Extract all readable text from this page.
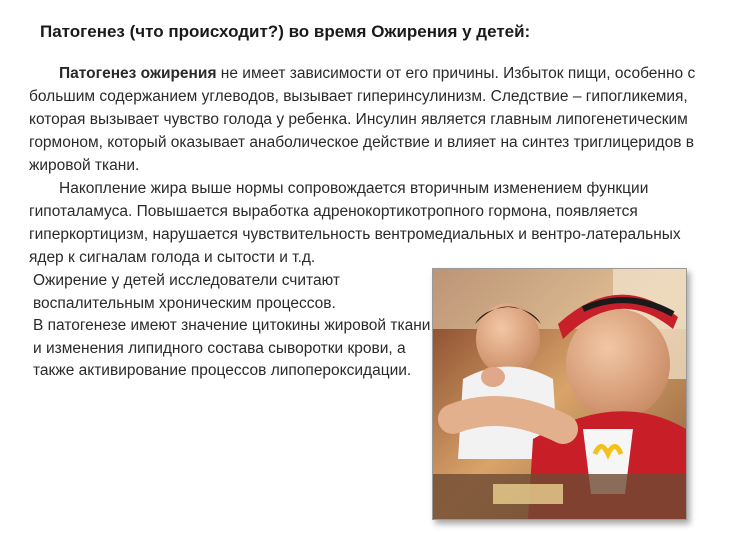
Патогенез (что происходит?) во время Ожирения у детей:

Патогенез ожирения не имеет зависимости от его причины. Избыток пищи, особенно с большим содержанием углеводов, вызывает гиперинсулинизм. Следствие – гипогликемия, которая вызывает чувство голода у ребенка. Инсулин является главным липогенетическим гормоном, который оказывает анаболическое действие и влияет на синтез триглицеридов в жировой ткани.

Накопление жира выше нормы сопровождается вторичным изменением функции гипоталамуса. Повышается выработка адренокортикотропного гормона, появляется гиперкортицизм, нарушается чувствительность вентромедиальных и вентро-латеральных ядер к сигналам голода и сытости и т.д.

Ожирение у детей исследователи считают воспалительным хроническим процессов.

В патогенезе имеют значение цитокины жировой ткани и изменения липидного состава сыворотки крови, а также активирование процессов липопероксидации.
